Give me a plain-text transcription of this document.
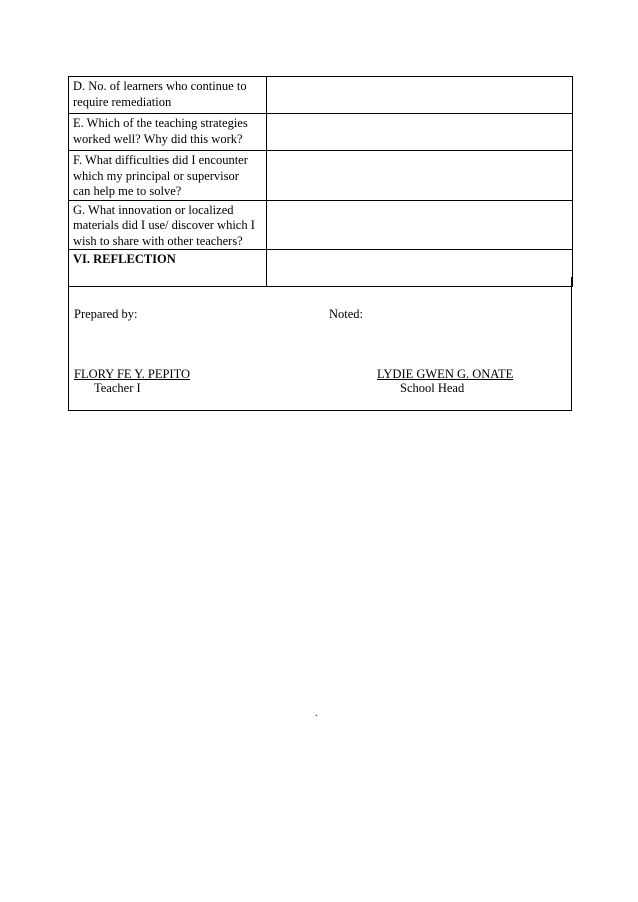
D. No. of learners who continue to
require remediation	

E. Which of the teaching strategies
worked well? Why did this work?	

F. What difficulties did I encounter
which my principal or supervisor
can help me to solve?	

G. What innovation or localized
materials did I use/ discover which I
wish to share with other teachers?	

VI. REFLECTION	
Prepared by:	Noted:
FLORY FE Y. PEPITO
Teacher I
LYDIE GWEN G. ONATE
School Head
.
